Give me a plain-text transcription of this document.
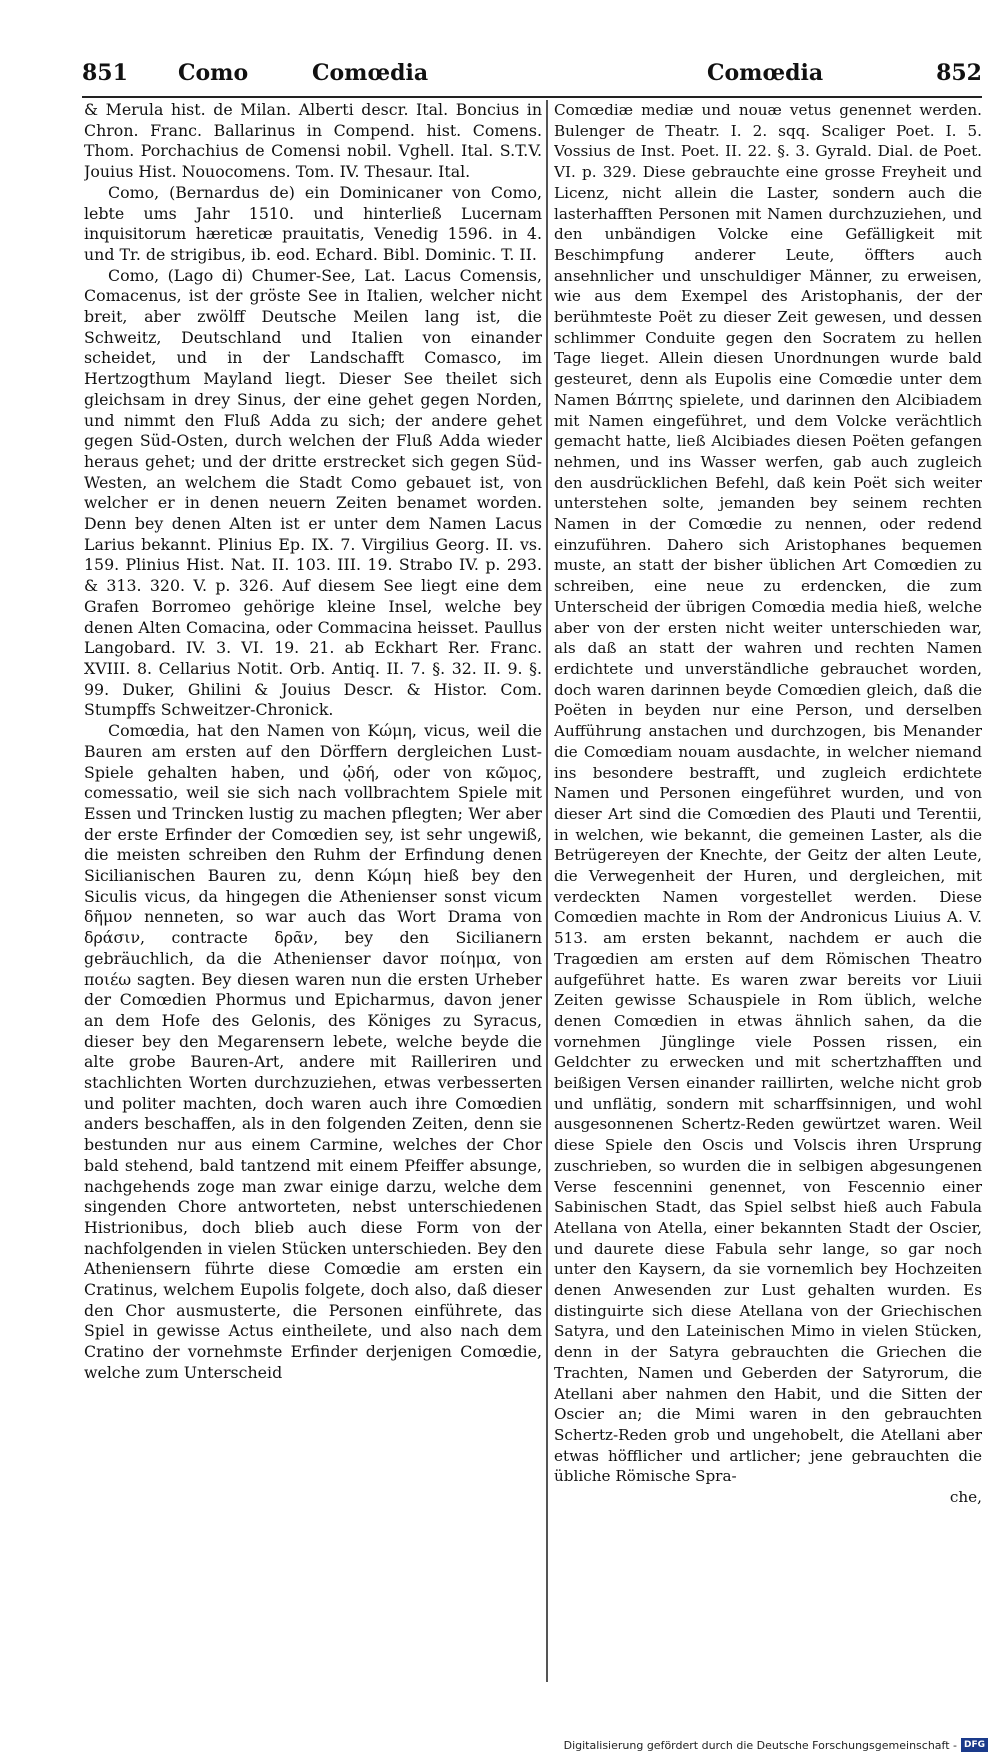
851 Como	Comœdia	Comœdia	852

& Merula hist. de Milan. Alberti descr. Ital. Boncius in Chron. Franc. Ballarinus in Compend. hist. Comens. Thom. Porchachius de Comensi nobil. Vghell. Ital. S.T.V. Jouius Hist. Nouocomens. Tom. IV. Thesaur. Ital.

Como, (Bernardus de) ein Dominicaner von Como, lebte ums Jahr 1510. und hinterließ Lucernam inquisitorum hæreticæ prauitatis, Venedig 1596. in 4. und Tr. de strigibus, ib. eod. Echard. Bibl. Dominic. T. II.

Como, (Lago di) Chumer-See, Lat. Lacus Comensis, Comacenus, ist der gröste See in Italien, welcher nicht breit, aber zwölff Deutsche Meilen lang ist, die Schweitz, Deutschland und Italien von einander scheidet, und in der Landschafft Comasco, im Hertzogthum Mayland liegt. Dieser See theilet sich gleichsam in drey Sinus, der eine gehet gegen Norden, und nimmt den Fluß Adda zu sich; der andere gehet gegen Süd-Osten, durch welchen der Fluß Adda wieder heraus gehet; und der dritte erstrecket sich gegen Süd-Westen, an welchem die Stadt Como gebauet ist, von welcher er in denen neuern Zeiten benamet worden. Denn bey denen Alten ist er unter dem Namen Lacus Larius bekannt. Plinius Ep. IX. 7. Virgilius Georg. II. vs. 159. Plinius Hist. Nat. II. 103. III. 19. Strabo IV. p. 293. & 313. 320. V. p. 326. Auf diesem See liegt eine dem Grafen Borromeo gehörige kleine Insel, welche bey denen Alten Comacina, oder Commacina heisset. Paullus Langobard. IV. 3. VI. 19. 21. ab Eckhart Rer. Franc. XVIII. 8. Cellarius Notit. Orb. Antiq. II. 7. §. 32. II. 9. §. 99. Duker, Ghilini & Jouius Descr. & Histor. Com. Stumpffs Schweitzer-Chronick.

Comœdia, hat den Namen von Κώμη, vicus, weil die Bauren am ersten auf den Dörffern dergleichen Lust-Spiele gehalten haben, und ᾠδή, oder von κῶμος, comessatio, weil sie sich nach vollbrachtem Spiele mit Essen und Trincken lustig zu machen pflegten; Wer aber der erste Erfinder der Comœdien sey, ist sehr ungewiß, die meisten schreiben den Ruhm der Erfindung denen Sicilianischen Bauren zu, denn Κώμη hieß bey den Siculis vicus, da hingegen die Athenienser sonst vicum δῆμον nenneten, so war auch das Wort Drama von δράσιν, contracte δρᾶν, bey den Sicilianern gebräuchlich, da die Athenienser davor ποίημα, von ποιέω sagten. Bey diesen waren nun die ersten Urheber der Comœdien Phormus und Epicharmus, davon jener an dem Hofe des Gelonis, des Königes zu Syracus, dieser bey den Megarensern lebete, welche beyde die alte grobe Bauren-Art, andere mit Railleriren und stachlichten Worten durchzuziehen, etwas verbesserten und politer machten, doch waren auch ihre Comœdien anders beschaffen, als in den folgenden Zeiten, denn sie bestunden nur aus einem Carmine, welches der Chor bald stehend, bald tantzend mit einem Pfeiffer absunge, nachgehends zoge man zwar einige darzu, welche dem singenden Chore antworteten, nebst unterschiedenen Histrionibus, doch blieb auch diese Form von der nachfolgenden in vielen Stücken unterschieden. Bey den Atheniensern führte diese Comœdie am ersten ein Cratinus, welchem Eupolis folgete, doch also, daß dieser den Chor ausmusterte, die Personen einführete, das Spiel in gewisse Actus eintheilete, und also nach dem Cratino der vornehmste Erfinder derjenigen Comœdie, welche zum Unterscheid

Comœdiæ mediæ und nouæ vetus genennet werden. Bulenger de Theatr. I. 2. sqq. Scaliger Poet. I. 5. Vossius de Inst. Poet. II. 22. §. 3. Gyrald. Dial. de Poet. VI. p. 329. Diese gebrauchte eine grosse Freyheit und Licenz, nicht allein die Laster, sondern auch die lasterhafften Personen mit Namen durchzuziehen, und den unbändigen Volcke eine Gefälligkeit mit Beschimpfung anderer Leute, öffters auch ansehnlicher und unschuldiger Männer, zu erweisen, wie aus dem Exempel des Aristophanis, der der berühmteste Poët zu dieser Zeit gewesen, und dessen schlimmer Conduite gegen den Socratem zu hellen Tage lieget. Allein diesen Unordnungen wurde bald gesteuret, denn als Eupolis eine Comœdie unter dem Namen Βάπτης spielete, und darinnen den Alcibiadem mit Namen eingeführet, und dem Volcke verächtlich gemacht hatte, ließ Alcibiades diesen Poëten gefangen nehmen, und ins Wasser werfen, gab auch zugleich den ausdrücklichen Befehl, daß kein Poët sich weiter unterstehen solte, jemanden bey seinem rechten Namen in der Comœdie zu nennen, oder redend einzuführen. Dahero sich Aristophanes bequemen muste, an statt der bisher üblichen Art Comœdien zu schreiben, eine neue zu erdencken, die zum Unterscheid der übrigen Comœdia media hieß, welche aber von der ersten nicht weiter unterschieden war, als daß an statt der wahren und rechten Namen erdichtete und unverständliche gebrauchet worden, doch waren darinnen beyde Comœdien gleich, daß die Poëten in beyden nur eine Person, und derselben Aufführung anstachen und durchzogen, bis Menander die Comœdiam nouam ausdachte, in welcher niemand ins besondere bestrafft, und zugleich erdichtete Namen und Personen eingeführet wurden, und von dieser Art sind die Comœdien des Plauti und Terentii, in welchen, wie bekannt, die gemeinen Laster, als die Betrügereyen der Knechte, der Geitz der alten Leute, die Verwegenheit der Huren, und dergleichen, mit verdeckten Namen vorgestellet werden. Diese Comœdien machte in Rom der Andronicus Liuius A. V. 513. am ersten bekannt, nachdem er auch die Tragœdien am ersten auf dem Römischen Theatro aufgeführet hatte. Es waren zwar bereits vor Liuii Zeiten gewisse Schauspiele in Rom üblich, welche denen Comœdien in etwas ähnlich sahen, da die vornehmen Jünglinge viele Possen rissen, ein Geldchter zu erwecken und mit schertzhafften und beißigen Versen einander raillirten, welche nicht grob und unflätig, sondern mit scharffsinnigen, und wohl ausgesonnenen Schertz-Reden gewürtzet waren. Weil diese Spiele den Oscis und Volscis ihren Ursprung zuschrieben, so wurden die in selbigen abgesungenen Verse fescennini genennet, von Fescennio einer Sabinischen Stadt, das Spiel selbst hieß auch Fabula Atellana von Atella, einer bekannten Stadt der Oscier, und daurete diese Fabula sehr lange, so gar noch unter den Kaysern, da sie vornemlich bey Hochzeiten denen Anwesenden zur Lust gehalten wurden. Es distinguirte sich diese Atellana von der Griechischen Satyra, und den Lateinischen Mimo in vielen Stücken, denn in der Satyra gebrauchten die Griechen die Trachten, Namen und Geberden der Satyrorum, die Atellani aber nahmen den Habit, und die Sitten der Oscier an; die Mimi waren in den gebrauchten Schertz-Reden grob und ungehobelt, die Atellani aber etwas höfflicher und artlicher; jene gebrauchten die übliche Römische Spra-

che,

Digitalisierung gefördert durch die Deutsche Forschungsgemeinschaft - DFG
